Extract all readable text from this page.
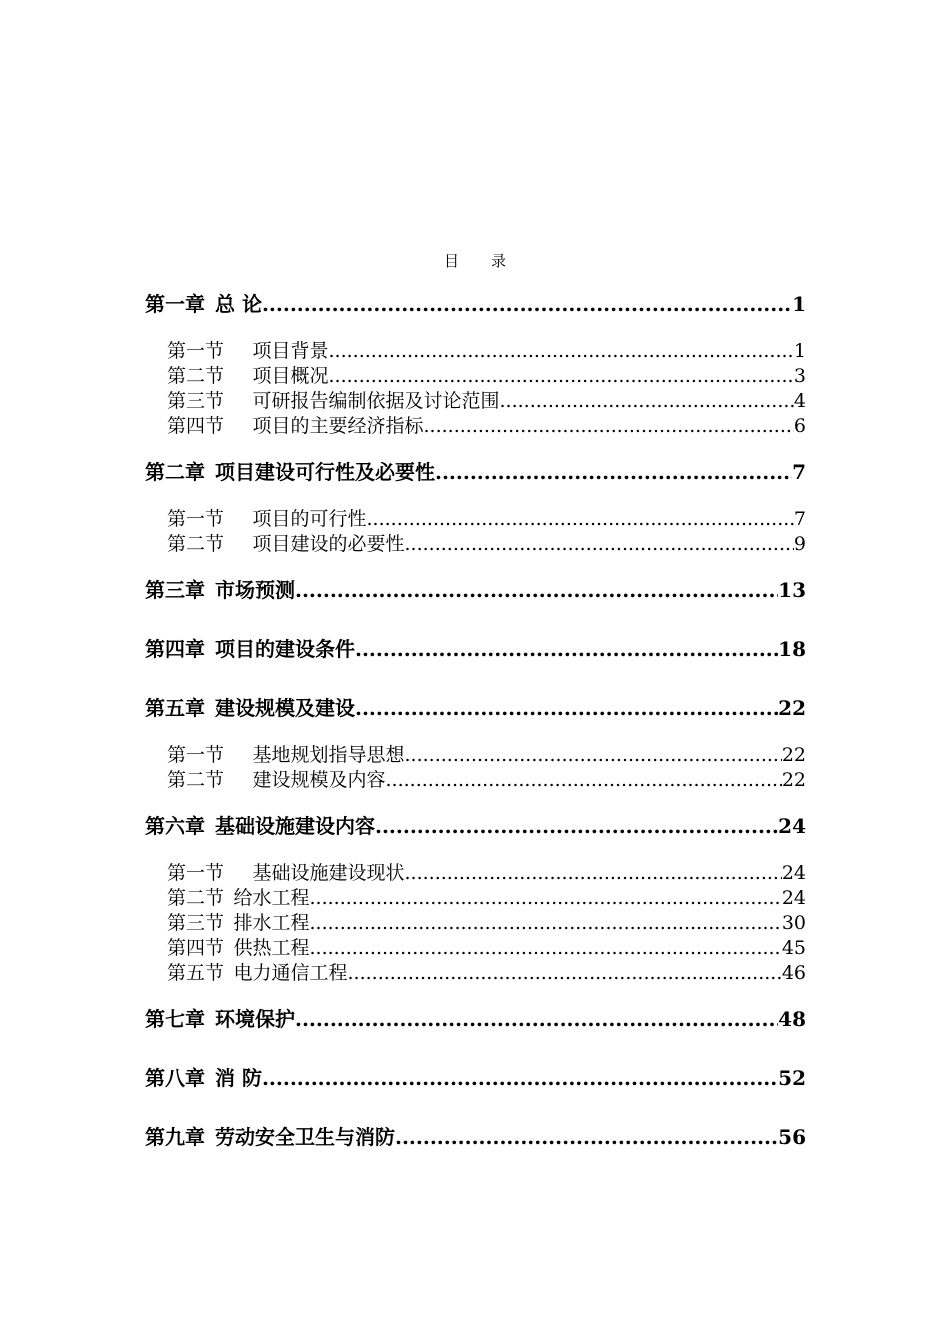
目录
第一章 总 论 .....	1
第一节  项目背景 .....	1
第二节  项目概况 .....	3
第三节  可研报告编制依据及讨论范围 .....	4
第四节  项目的主要经济指标 .....	6
第二章 项目建设可行性及必要性 .....	7
第一节  项目的可行性 .....	7
第二节  项目建设的必要性 .....	9
第三章 市场预测 .....	13
第四章 项目的建设条件 .....	18
第五章 建设规模及建设 .....	22
第一节  基地规划指导思想 .....	22
第二节  建设规模及内容 .....	22
第六章 基础设施建设内容 .....	24
第一节  基础设施建设现状 .....	24
第二节 给水工程 .....	24
第三节 排水工程 .....	30
第四节 供热工程 .....	45
第五节 电力通信工程 .....	46
第七章 环境保护 .....	48
第八章 消 防 .....	52
第九章 劳动安全卫生与消防 .....	56
